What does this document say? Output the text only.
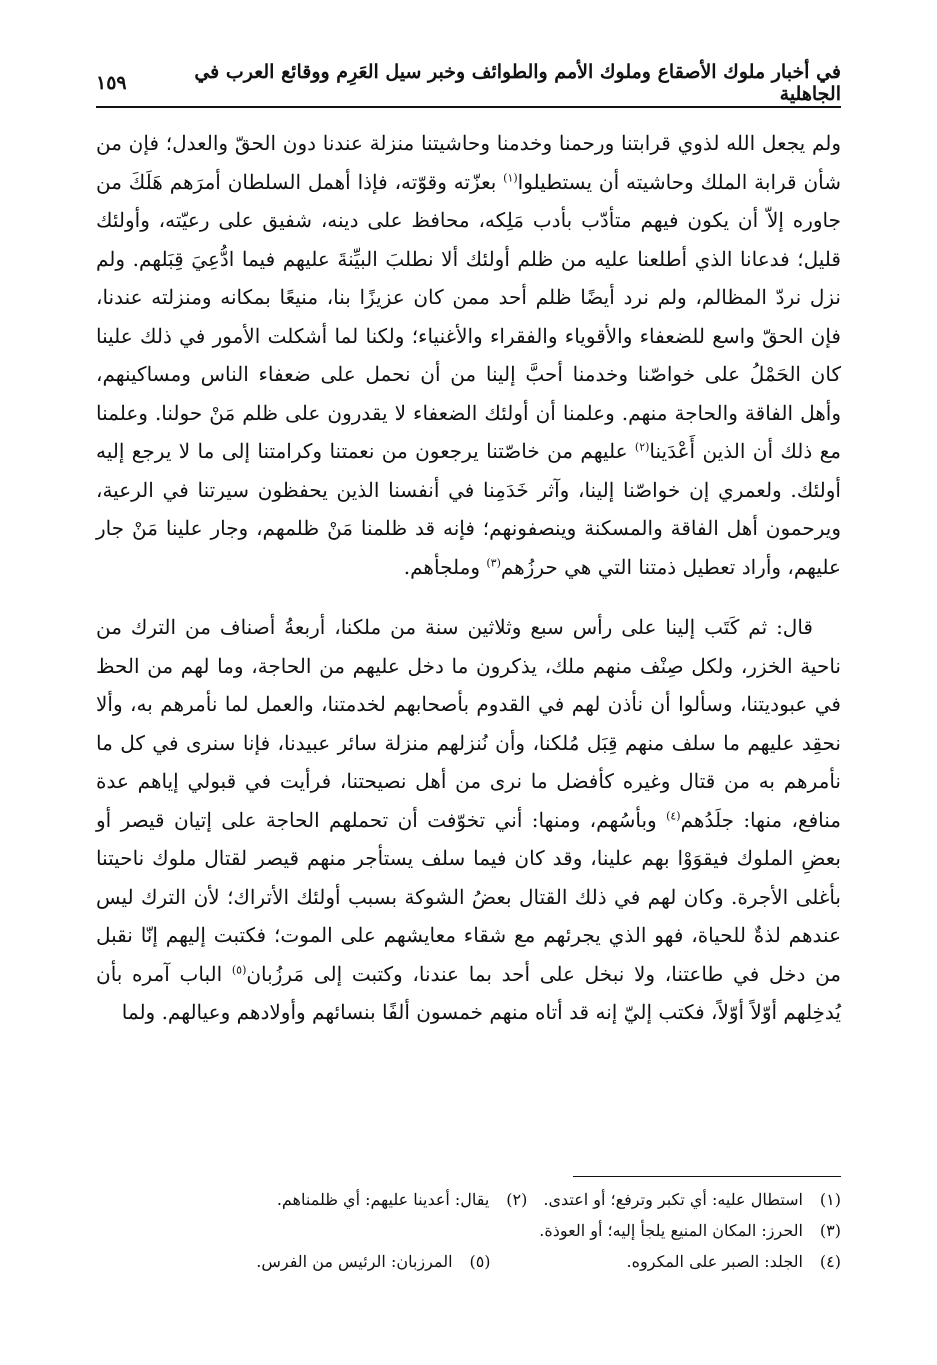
في أخبار ملوك الأصقاع وملوك الأمم والطوائف وخبر سيل العَرِم ووقائع العرب في الجاهلية
١٥٩

ولم يجعل الله لذوي قرابتنا ورحمنا وخدمنا وحاشيتنا منزلة عندنا دون الحقّ والعدل؛ فإن من شأن قرابة الملك وحاشيته أن يستطيلوا$^{(١)}$ بعزّته وقوّته، فإذا أهمل السلطان أمرَهم هَلَكَ من جاوره إلاّ أن يكون فيهم متأدّب بأدب مَلِكه، محافظ على دينه، شفيق على رعيّته، وأولئك قليل؛ فدعانا الذي أطلعنا عليه من ظلم أولئك ألا نطلبَ البيِّنةَ عليهم فيما ادُّعِيَ قِبَلهم. ولم نزل نردّ المظالم، ولم نرد أيضًا ظلم أحد ممن كان عزيزًا بنا، منيعًا بمكانه ومنزلته عندنا، فإن الحقّ واسع للضعفاء والأقوياء والفقراء والأغنياء؛ ولكنا لما أشكلت الأمور في ذلك علينا كان الحَمْلُ على خواصّنا وخدمنا أحبَّ إلينا من أن نحمل على ضعفاء الناس ومساكينهم، وأهل الفاقة والحاجة منهم. وعلمنا أن أولئك الضعفاء لا يقدرون على ظلم مَنْ حولنا. وعلمنا مع ذلك أن الذين أَعْدَينا$^{(٢)}$ عليهم من خاصّتنا يرجعون من نعمتنا وكرامتنا إلى ما لا يرجع إليه أولئك. ولعمري إن خواصّنا إلينا، وآثر خَدَمِنا في أنفسنا الذين يحفظون سيرتنا في الرعية، ويرحمون أهل الفاقة والمسكنة وينصفونهم؛ فإنه قد ظلمنا مَنْ ظلمهم، وجار علينا مَنْ جار عليهم، وأراد تعطيل ذمتنا التي هي حرزُهم$^{(٣)}$ وملجأهم.

قال: ثم كَتَب إلينا على رأس سبع وثلاثين سنة من ملكنا، أربعةُ أصناف من الترك من ناحية الخزر، ولكل صِنْف منهم ملك، يذكرون ما دخل عليهم من الحاجة، وما لهم من الحظ في عبوديتنا، وسألوا أن نأذن لهم في القدوم بأصحابهم لخدمتنا، والعمل لما نأمرهم به، وألا نحقِد عليهم ما سلف منهم قِبَل مُلكنا، وأن نُنزلهم منزلة سائر عبيدنا، فإنا سنرى في كل ما نأمرهم به من قتال وغيره كأفضل ما نرى من أهل نصيحتنا، فرأيت في قبولي إياهم عدة منافع، منها: جلَدُهم$^{(٤)}$ وبأسُهم، ومنها: أني تخوّفت أن تحملهم الحاجة على إتيان قيصر أو بعضِ الملوك فيقوَوْا بهم علينا، وقد كان فيما سلف يستأجر منهم قيصر لقتال ملوك ناحيتنا بأغلى الأجرة. وكان لهم في ذلك القتال بعضُ الشوكة بسبب أولئك الأتراك؛ لأن الترك ليس عندهم لذةٌ للحياة، فهو الذي يجرئهم مع شقاء معايشهم على الموت؛ فكتبت إليهم إنّا نقبل من دخل في طاعتنا، ولا نبخل على أحد بما عندنا، وكتبت إلى مَرزُبان$^{(٥)}$ الباب آمره بأن يُدخِلهم أوّلاً أوّلاً، فكتب إليّ إنه قد أتاه منهم خمسون ألفًا بنسائهم وأولادهم وعيالهم. ولما

(١)
استطال عليه: أي تكبر وترفع؛ أو اعتدى.
(٢)
يقال: أعدينا عليهم: أي ظلمناهم.
(٣)
الحرز: المكان المنيع يلجأ إليه؛ أو العوذة.
(٤)
الجلد: الصبر على المكروه.
(٥)
المرزبان: الرئيس من الفرس.
